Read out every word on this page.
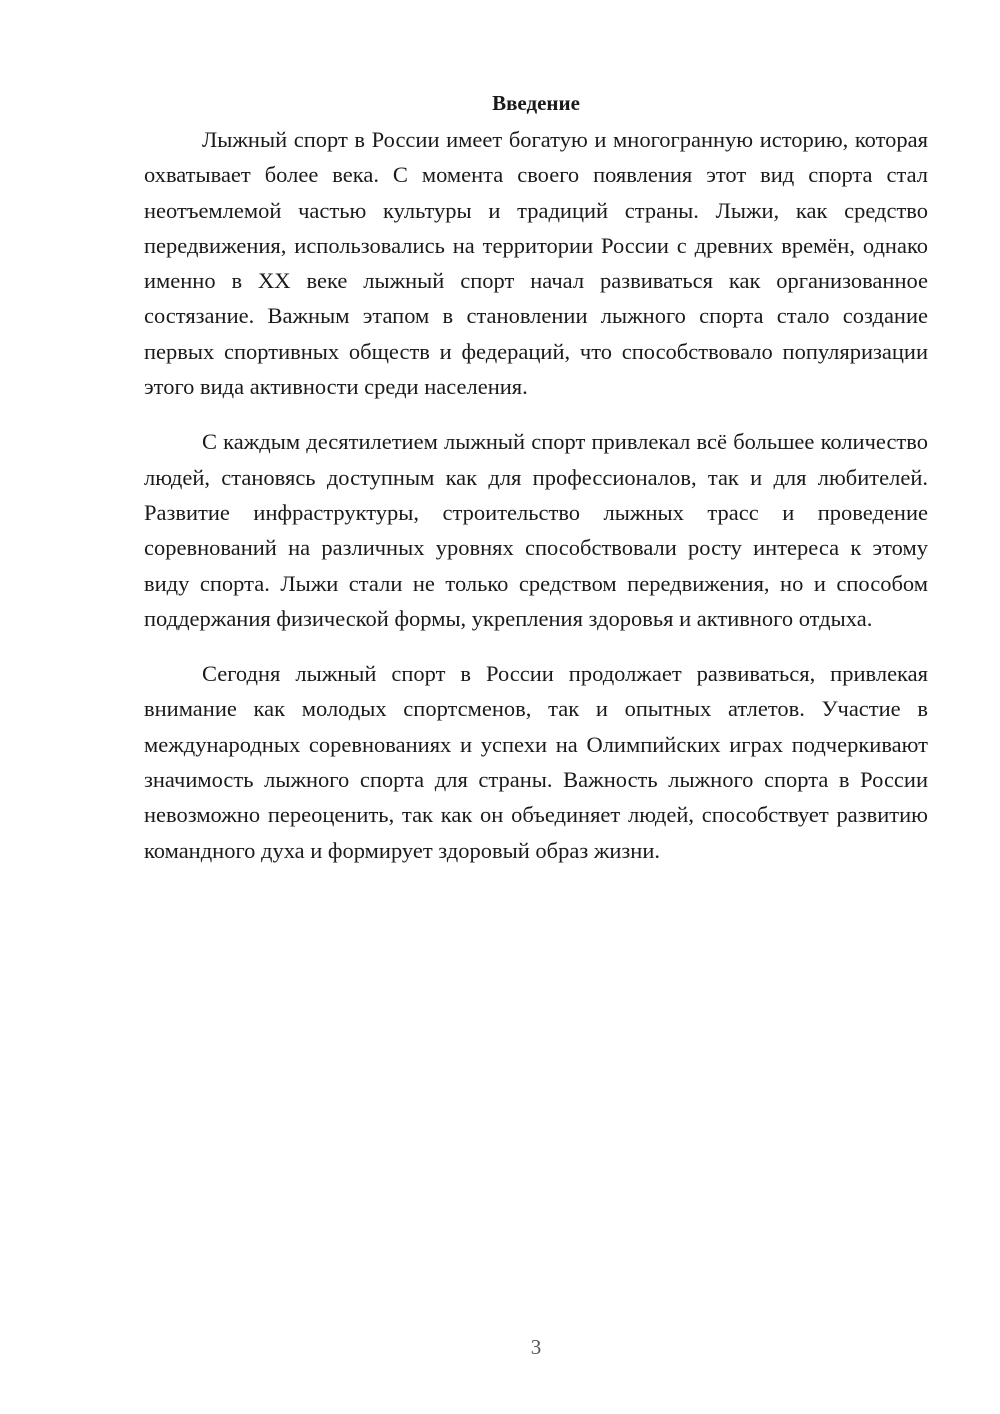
Введение

Лыжный спорт в России имеет богатую и многогранную историю, которая охватывает более века. С момента своего появления этот вид спорта стал неотъемлемой частью культуры и традиций страны. Лыжи, как средство передвижения, использовались на территории России с древних времён, однако именно в XX веке лыжный спорт начал развиваться как организованное состязание. Важным этапом в становлении лыжного спорта стало создание первых спортивных обществ и федераций, что способствовало популяризации этого вида активности среди населения.

С каждым десятилетием лыжный спорт привлекал всё большее количество людей, становясь доступным как для профессионалов, так и для любителей. Развитие инфраструктуры, строительство лыжных трасс и проведение соревнований на различных уровнях способствовали росту интереса к этому виду спорта. Лыжи стали не только средством передвижения, но и способом поддержания физической формы, укрепления здоровья и активного отдыха.

Сегодня лыжный спорт в России продолжает развиваться, привлекая внимание как молодых спортсменов, так и опытных атлетов. Участие в международных соревнованиях и успехи на Олимпийских играх подчеркивают значимость лыжного спорта для страны. Важность лыжного спорта в России невозможно переоценить, так как он объединяет людей, способствует развитию командного духа и формирует здоровый образ жизни.

3
